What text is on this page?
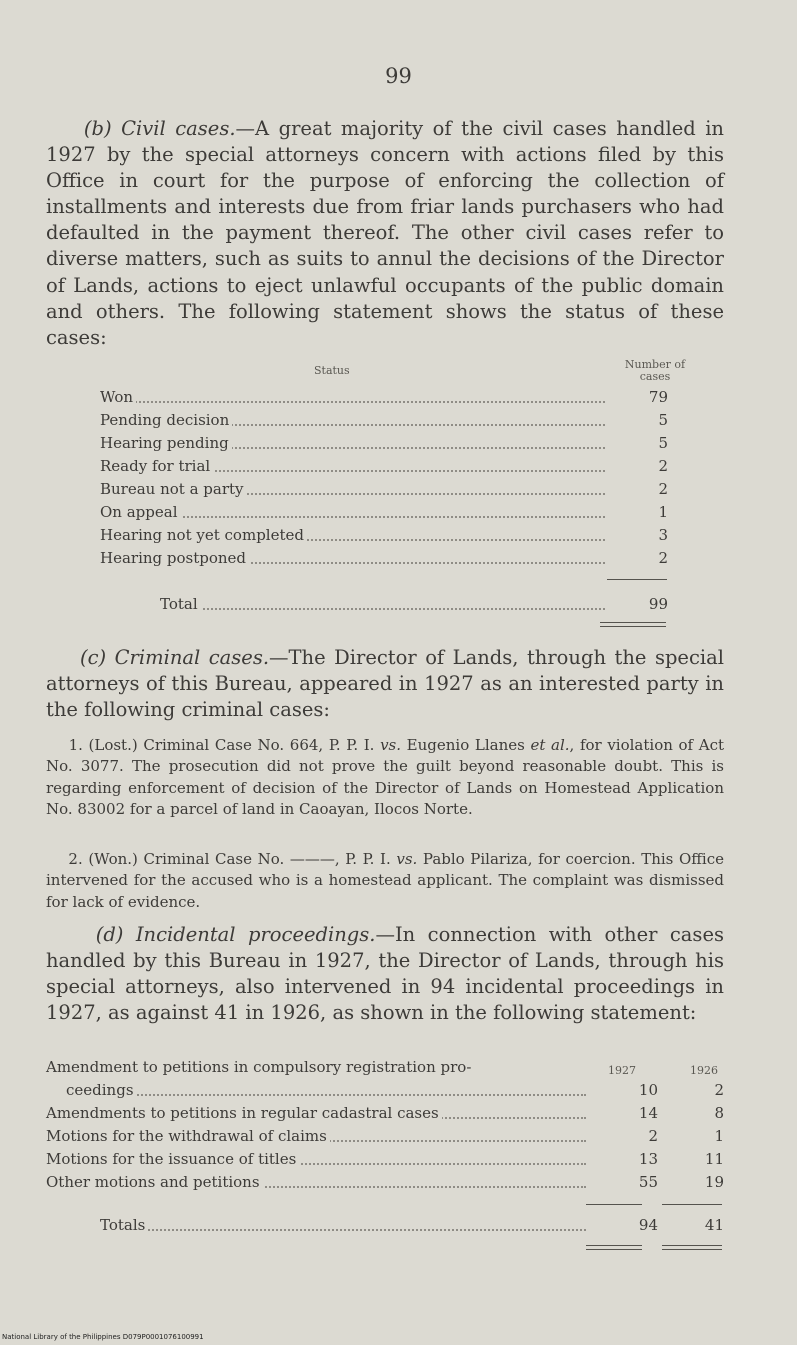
99
(b) Civil cases.—A great majority of the civil cases handled in 1927 by the special attorneys concern with actions filed by this Office in court for the purpose of enforcing the collection of installments and interests due from friar lands purchasers who had defaulted in the payment thereof. The other civil cases refer to diverse matters, such as suits to annul the decisions of the Director of Lands, actions to eject unlawful occupants of the public domain and others. The following statement shows the status of these cases:
Status	Number of
cases
Won	79
Pending decision	5
Hearing pending	5
Ready for trial	2
Bureau not a party	2
On appeal	1
Hearing not yet completed	3
Hearing postponed	2
Total	99
(c) Criminal cases.—The Director of Lands, through the special attorneys of this Bureau, appeared in 1927 as an interested party in the following criminal cases:
1. (Lost.) Criminal Case No. 664, P. P. I. vs. Eugenio Llanes et al., for violation of Act No. 3077. The prosecution did not prove the guilt beyond reasonable doubt. This is regarding enforcement of decision of the Director of Lands on Homestead Application No. 83002 for a parcel of land in Caoayan, Ilocos Norte.
2. (Won.) Criminal Case No. ———, P. P. I. vs. Pablo Pilariza, for coercion. This Office intervened for the accused who is a homestead applicant. The complaint was dismissed for lack of evidence.
(d) Incidental proceedings.—In connection with other cases handled by this Bureau in 1927, the Director of Lands, through his special attorneys, also intervened in 94 incidental proceedings in 1927, as against 41 in 1926, as shown in the following statement:
1927	1926
Amendment to petitions in compulsory registration pro-
ceedings	10	2
Amendments to petitions in regular cadastral cases	14	8
Motions for the withdrawal of claims	2	1
Motions for the issuance of titles	13	11
Other motions and petitions	55	19
Totals	94	41
National Library of the Philippines D079P0001076100991
